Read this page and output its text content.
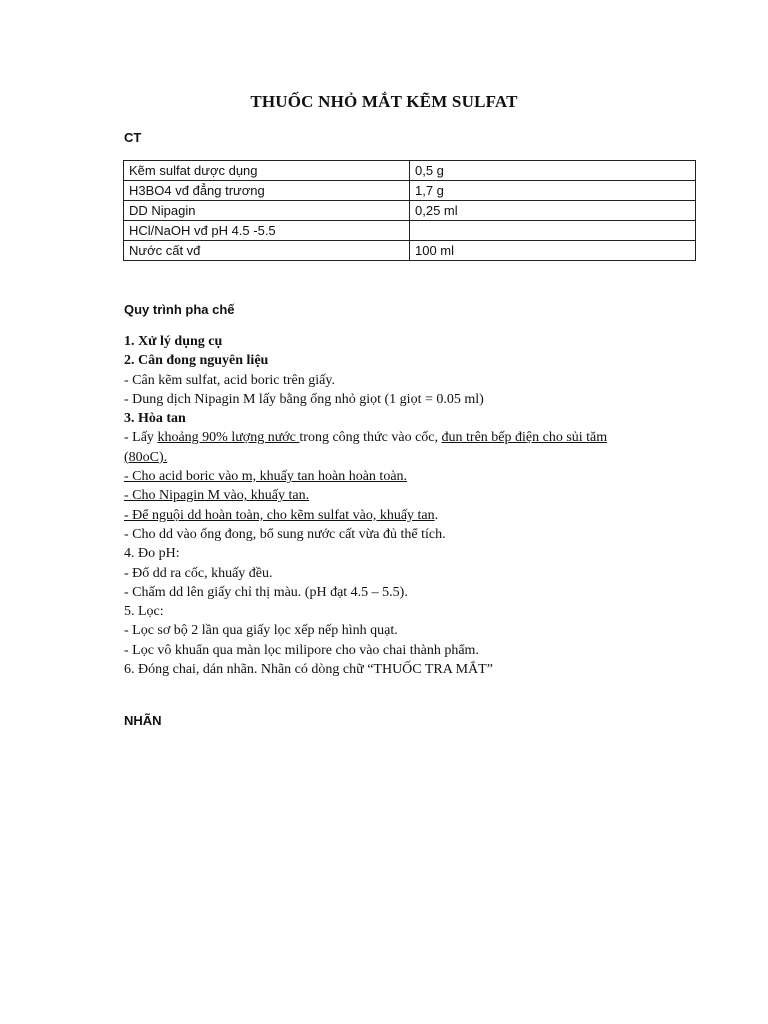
THUỐC NHỎ MẮT KẼM SULFAT
CT
Kẽm sulfat dược dụng	0,5 g
H3BO4 vđ đẳng trương	1,7 g
DD Nipagin	0,25 ml
HCl/NaOH vđ pH 4.5 -5.5	
Nước cất vđ	100 ml
Quy trình pha chế
1. Xử lý dụng cụ
2. Cân đong nguyên liệu
- Cân kẽm sulfat, acid boric trên giấy.
- Dung dịch Nipagin M lấy bằng ống nhỏ giọt (1 giọt = 0.05 ml)
3. Hòa tan
- Lấy khoảng 90% lượng nước trong công thức vào cốc, đun trên bếp điện cho sủi tăm
(80oC).
- Cho acid boric vào m, khuấy tan hoàn hoàn toàn.
- Cho Nipagin M vào, khuấy tan.
- Để nguội dd hoàn toàn, cho kẽm sulfat vào, khuấy tan.
- Cho dd vào ống đong, bổ sung nước cất vừa đủ thể tích.
4. Đo pH:
- Đổ dd ra cốc, khuấy đều.
- Chấm dd lên giấy chỉ thị màu. (pH đạt 4.5 – 5.5).
5. Lọc:
- Lọc sơ bộ 2 lần qua giấy lọc xếp nếp hình quạt.
- Lọc vô khuẩn qua màn lọc milipore cho vào chai thành phẩm.
6. Đóng chai, dán nhãn. Nhãn có dòng chữ “THUỐC TRA MẮT”
NHÃN
